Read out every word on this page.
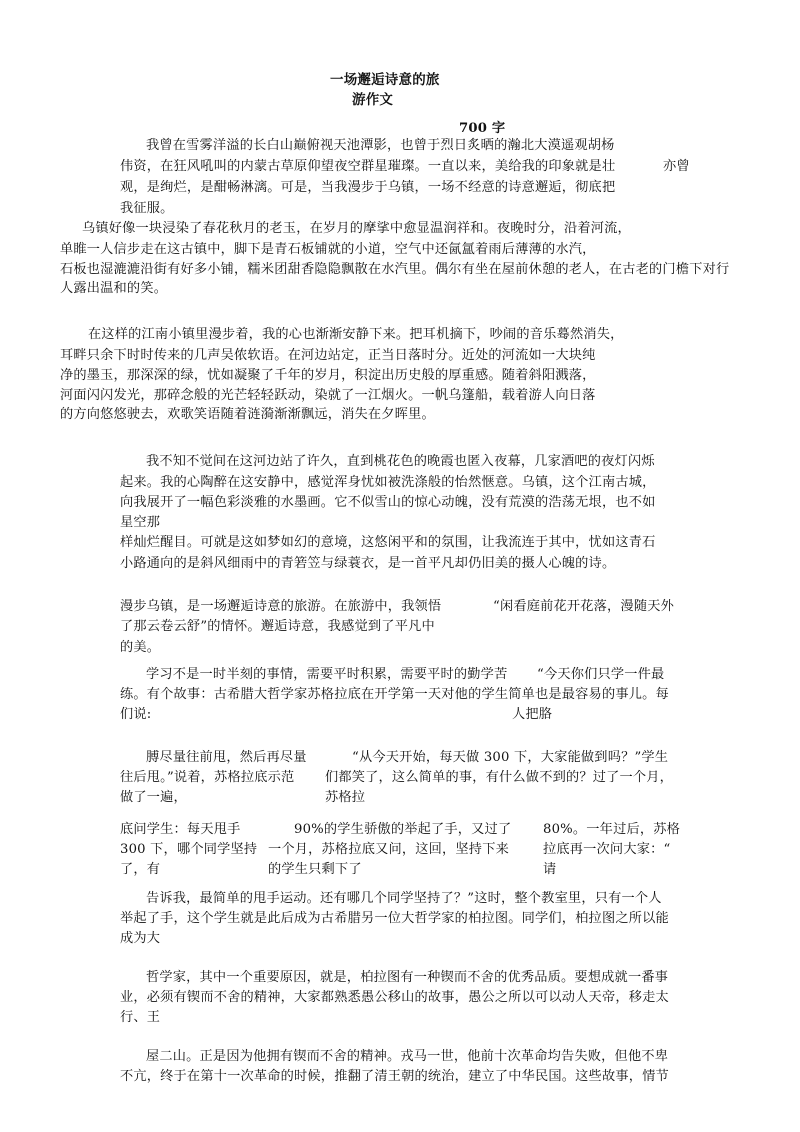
一场邂逅诗意的旅
游作文
700 字
我曾在雪雾洋溢的长白山巅俯视天池潭影，也曾于烈日炙晒的瀚北大漠遥观胡杨
伟资，在狂风吼叫的内蒙古草原仰望夜空群星璀璨。一直以来，美给我的印象就是壮	亦曾
观，是绚烂，是酣畅淋漓。可是，当我漫步于乌镇，一场不经意的诗意邂逅，彻底把
我征服。
乌镇好像一块浸染了春花秋月的老玉，在岁月的摩挲中愈显温润祥和。夜晚时分，沿着河流，
单睢一人信步走在这古镇中，脚下是青石板铺就的小道，空气中还氤氲着雨后薄薄的水汽，
石板也湿漉漉沿街有好多小铺，糯米团甜香隐隐飘散在水汽里。偶尔有坐在屋前休憩的老人，在古老的门檐下对行
人露出温和的笑。
在这样的江南小镇里漫步着，我的心也渐渐安静下来。把耳机摘下，吵闹的音乐蓦然消失，
耳畔只余下时时传来的几声吴侬软语。在河边站定，正当日落时分。近处的河流如一大块纯
净的墨玉，那深深的绿，忧如凝聚了千年的岁月，积淀出历史般的厚重感。随着斜阳溅落，
河面闪闪发光，那碎念般的光芒轻轻跃动，染就了一江烟火。一帆乌篷船，载着游人向日落
的方向悠悠驶去，欢歌笑语随着涟漪渐渐飘远，消失在夕晖里。
我不知不觉间在这河边站了许久，直到桃花色的晚霞也匿入夜幕，几家酒吧的夜灯闪烁
起来。我的心陶醉在这安静中，感觉浑身忧如被洗涤般的怡然惬意。乌镇，这个江南古城，
向我展开了一幅色彩淡雅的水墨画。它不似雪山的惊心动魄，没有荒漠的浩荡无垠，也不如
星空那
样灿烂醒目。可就是这如梦如幻的意境，这悠闲平和的氛围，让我流连于其中，忧如这青石
小路通向的是斜风细雨中的青箬笠与绿蓑衣，是一首平凡却仍旧美的摄人心魄的诗。
漫步乌镇，是一场邂逅诗意的旅游。在旅游中，我领悟	“闲看庭前花开花落，漫随天外
了那云卷云舒”的情怀。邂逅诗意，我感觉到了平凡中
的美。
学习不是一时半刻的事情，需要平时积累，需要平时的勤学苦 “今天你们只学一件最
练。有个故事：古希腊大哲学家苏格拉底在开学第一天对他的学生简单也是最容易的事儿。每
们说:	人把胳
膊尽量往前甩，然后再尽量	“从今天开始，每天做 300 下，大家能做到吗？”学生
往后甩。”说着，苏格拉底示范 们都笑了，这么简单的事，有什么做不到的？过了一个月，
做了一遍，	苏格拉
底问学生：每天甩手	90%的学生骄傲的举起了手，又过了 80%。一年过后，苏格
300 下，哪个同学坚持 一个月，苏格拉底又问，这回，坚持下来	拉底再一次问大家：“
了，有	的学生只剩下了	请
告诉我，最简单的甩手运动。还有哪几个同学坚持了？”这时，整个教室里，只有一个人
举起了手，这个学生就是此后成为古希腊另一位大哲学家的柏拉图。同学们，柏拉图之所以能
成为大
哲学家，其中一个重要原因，就是，柏拉图有一种锲而不舍的优秀品质。要想成就一番事
业，必须有锲而不舍的精神，大家都熟悉愚公移山的故事，愚公之所以可以动人天帝，移走太
行、王
屋二山。正是因为他拥有锲而不舍的精神。戎马一世，他前十次革命均告失败，但他不卑
不亢，终于在第十一次革命的时候，推翻了清王朝的统治，建立了中华民国。这些故事，情节
